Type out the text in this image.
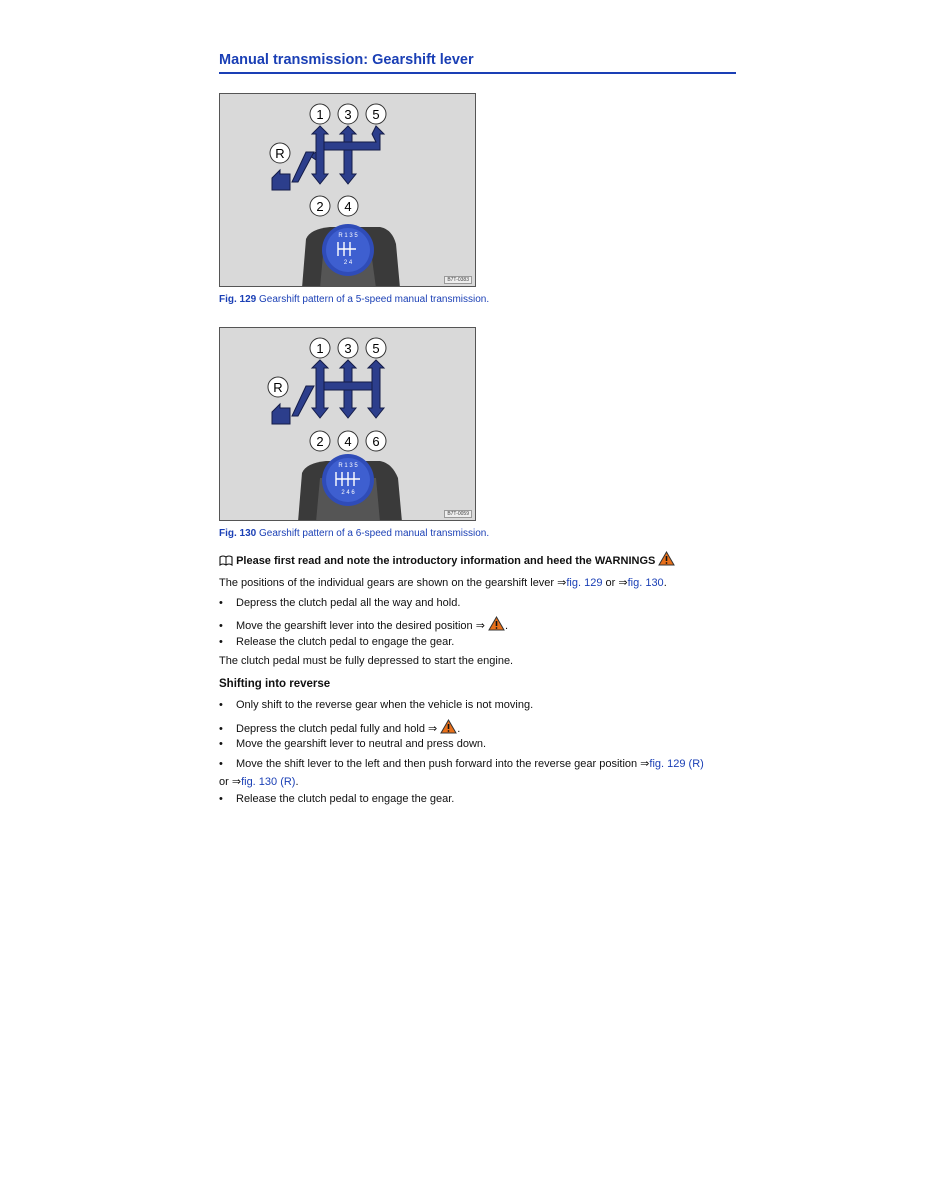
Manual transmission: Gearshift lever
R 1 3 5
2 4
1 3 5
R
2 4
B7T-0383
Fig. 129 Gearshift pattern of a 5-speed manual transmission.
R 1 3 5
2 4 6
1 3 5
R
2 4 6
B7T-0059
Fig. 130 Gearshift pattern of a 6-speed manual transmission.
Please first read and note the introductory information and heed the WARNINGS
The positions of the individual gears are shown on the gearshift lever ⇒fig. 129 or ⇒fig. 130.
• Depress the clutch pedal all the way and hold.
• Move the gearshift lever into the desired position ⇒ .
• Release the clutch pedal to engage the gear.
The clutch pedal must be fully depressed to start the engine.
Shifting into reverse
• Only shift to the reverse gear when the vehicle is not moving.
• Depress the clutch pedal fully and hold ⇒ .
• Move the gearshift lever to neutral and press down.
• Move the shift lever to the left and then push forward into the reverse gear position ⇒fig. 129 (R)
or ⇒fig. 130 (R).
• Release the clutch pedal to engage the gear.
